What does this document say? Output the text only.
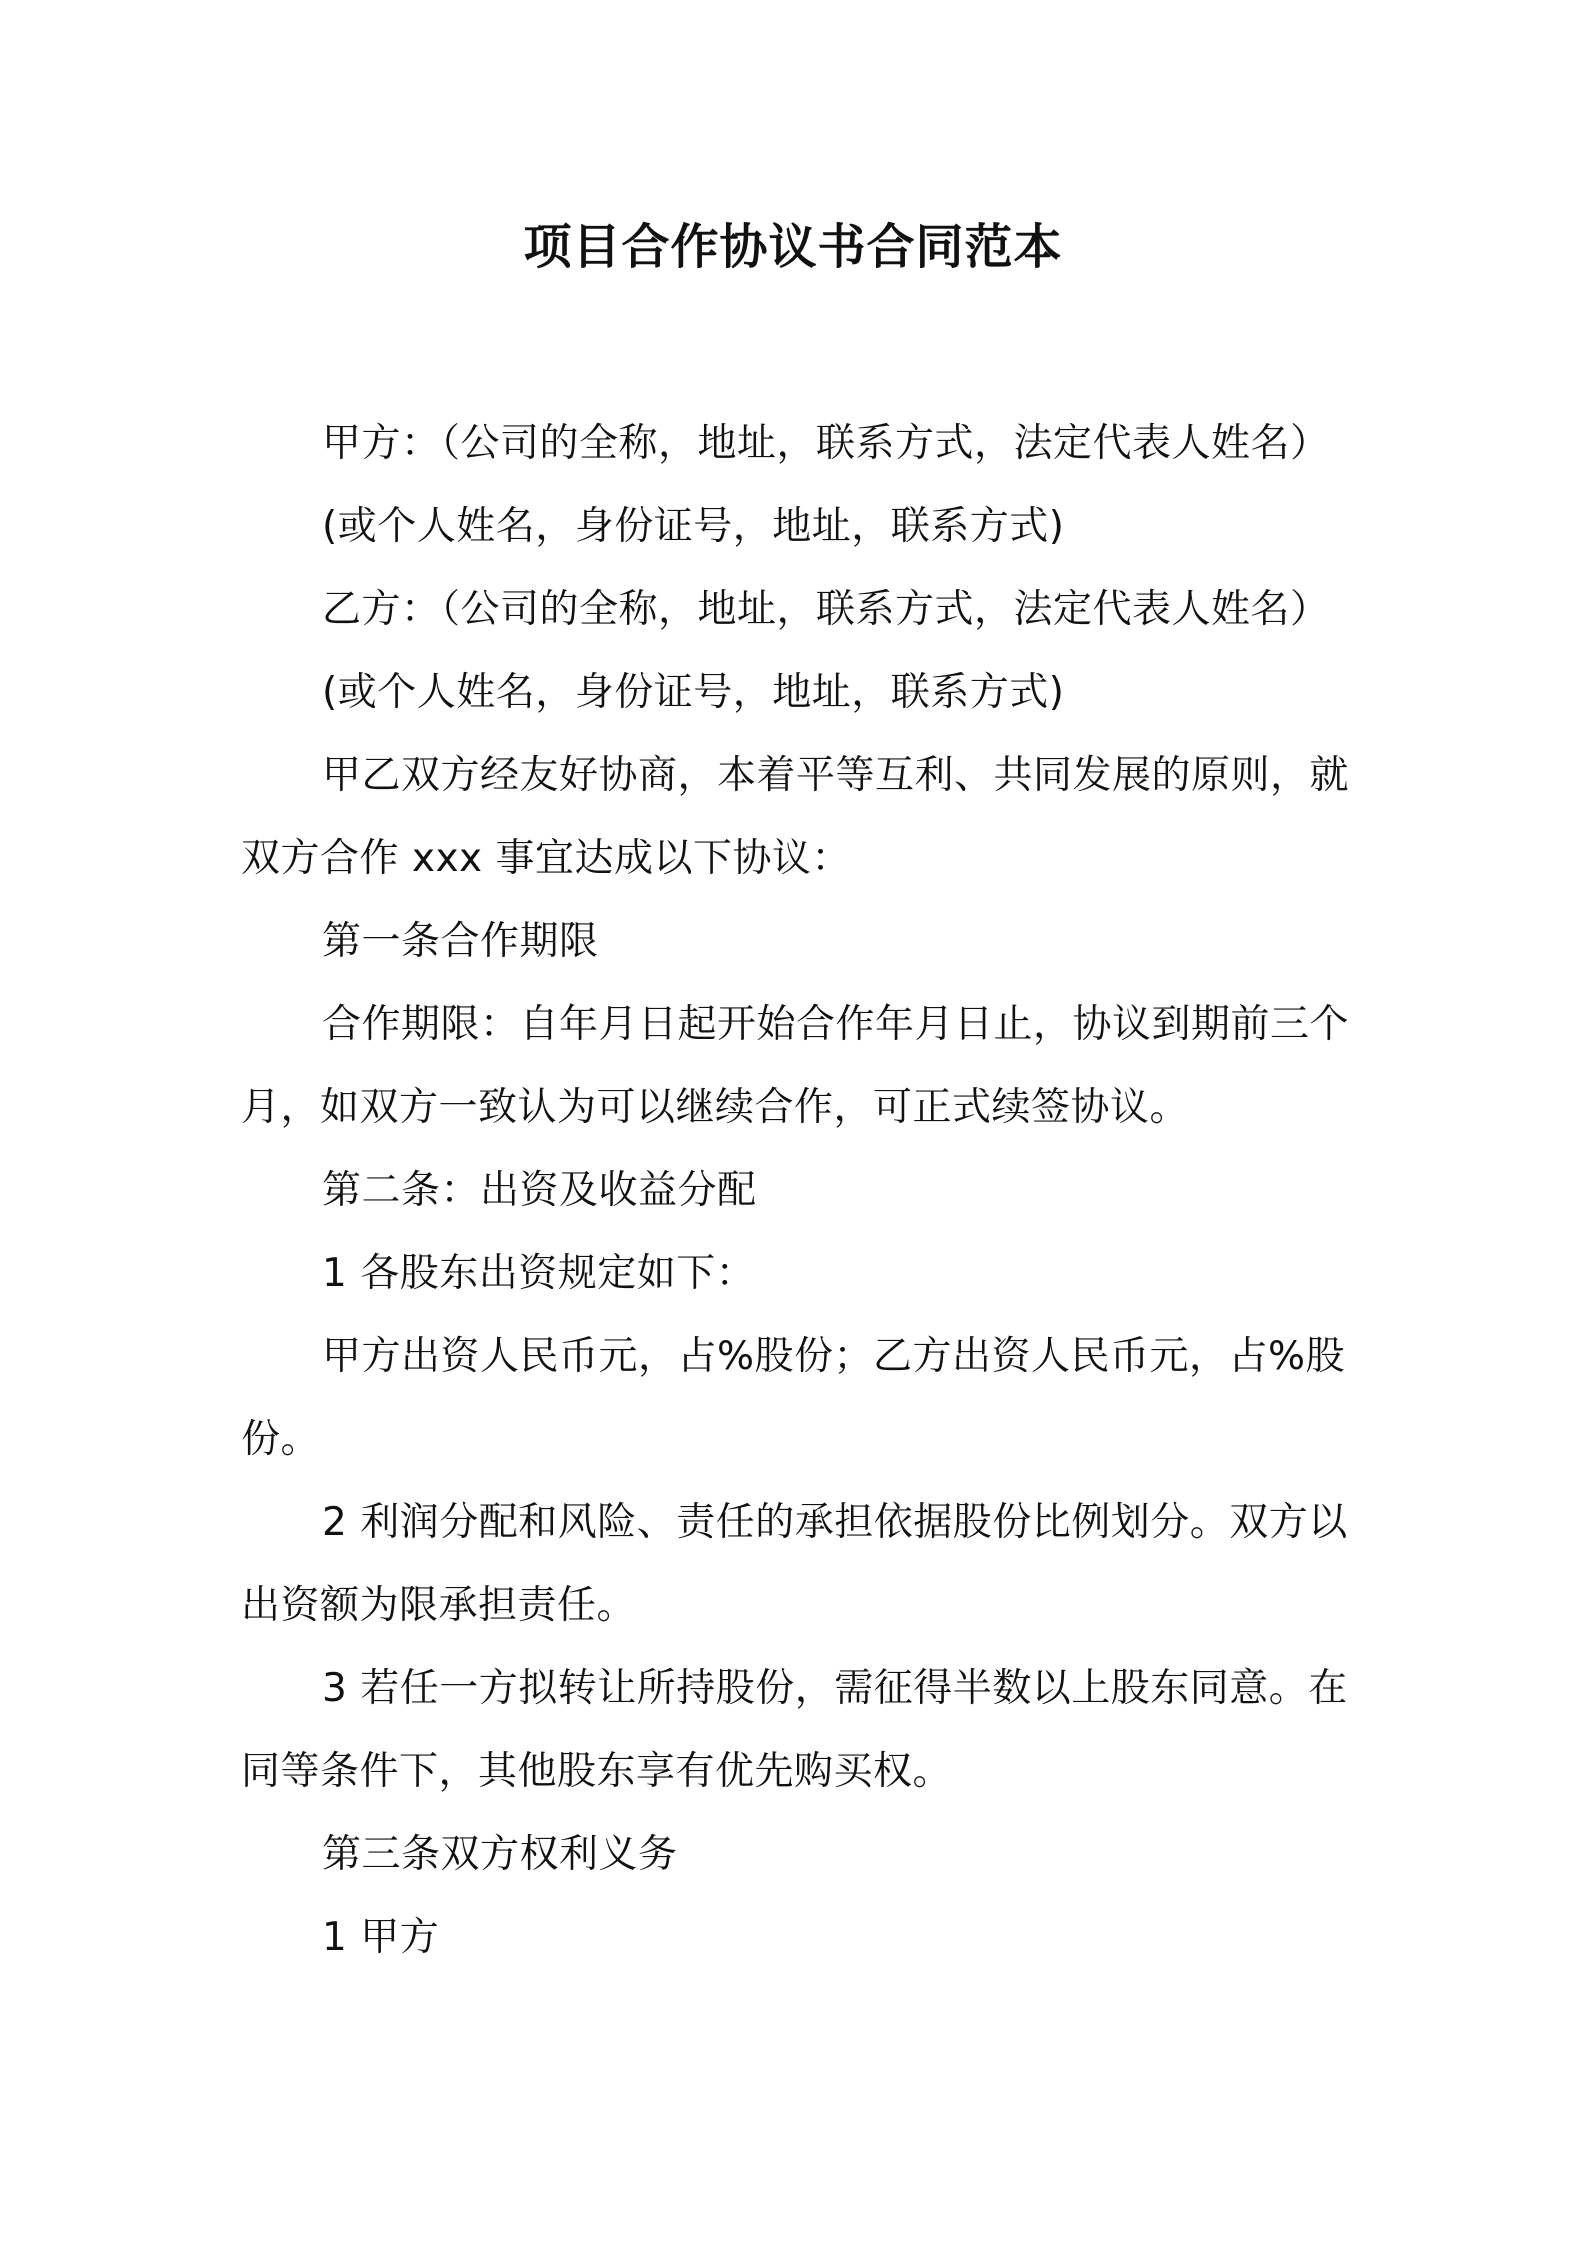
项目合作协议书合同范本

甲方：（公司的全称，地址，联系方式，法定代表人姓名）

(或个人姓名，身份证号，地址，联系方式)

乙方：（公司的全称，地址，联系方式，法定代表人姓名）

(或个人姓名，身份证号，地址，联系方式)

甲乙双方经友好协商，本着平等互利、共同发展的原则，就双方合作 xxx 事宜达成以下协议：

第一条合作期限

合作期限：自年月日起开始合作年月日止，协议到期前三个月，如双方一致认为可以继续合作，可正式续签协议。

第二条：出资及收益分配

1 各股东出资规定如下：

甲方出资人民币元，占%股份；乙方出资人民币元，占%股份。

2 利润分配和风险、责任的承担依据股份比例划分。双方以出资额为限承担责任。

3 若任一方拟转让所持股份，需征得半数以上股东同意。在同等条件下，其他股东享有优先购买权。

第三条双方权利义务

1 甲方
